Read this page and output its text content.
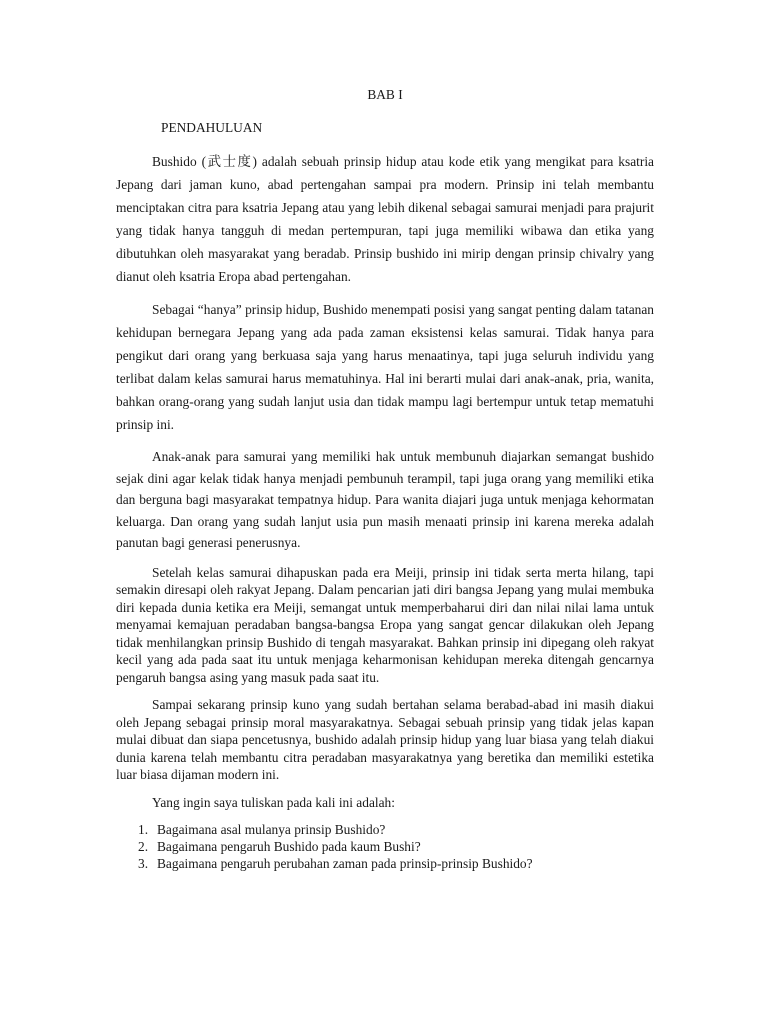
BAB I
PENDAHULUAN

Bushido (武士度) adalah sebuah prinsip hidup atau kode etik yang mengikat para ksatria Jepang dari jaman kuno, abad pertengahan sampai pra modern. Prinsip ini telah membantu menciptakan citra para ksatria Jepang atau yang lebih dikenal sebagai samurai menjadi para prajurit yang tidak hanya tangguh di medan pertempuran, tapi juga memiliki wibawa dan etika yang dibutuhkan oleh masyarakat yang beradab. Prinsip bushido ini mirip dengan prinsip chivalry yang dianut oleh ksatria Eropa abad pertengahan.

Sebagai “hanya” prinsip hidup, Bushido menempati posisi yang sangat penting dalam tatanan kehidupan bernegara Jepang yang ada pada zaman eksistensi kelas samurai. Tidak hanya para pengikut dari orang yang berkuasa saja yang harus menaatinya, tapi juga seluruh individu yang terlibat dalam kelas samurai harus mematuhinya. Hal ini berarti mulai dari anak-anak, pria, wanita, bahkan orang-orang yang sudah lanjut usia dan tidak mampu lagi bertempur untuk tetap mematuhi prinsip ini.

Anak-anak para samurai yang memiliki hak untuk membunuh diajarkan semangat bushido sejak dini agar kelak tidak hanya menjadi pembunuh terampil, tapi juga orang yang memiliki etika dan berguna bagi masyarakat tempatnya hidup. Para wanita diajari juga untuk menjaga kehormatan keluarga. Dan orang yang sudah lanjut usia pun masih menaati prinsip ini karena mereka adalah panutan bagi generasi penerusnya.

Setelah kelas samurai dihapuskan pada era Meiji, prinsip ini tidak serta merta hilang, tapi semakin diresapi oleh rakyat Jepang. Dalam pencarian jati diri bangsa Jepang yang mulai membuka diri kepada dunia ketika era Meiji, semangat untuk memperbaharui diri dan nilai nilai lama untuk menyamai kemajuan peradaban bangsa-bangsa Eropa yang sangat gencar dilakukan oleh Jepang tidak menhilangkan prinsip Bushido di tengah masyarakat. Bahkan prinsip ini dipegang oleh rakyat kecil yang ada pada saat itu untuk menjaga keharmonisan kehidupan mereka ditengah gencarnya pengaruh bangsa asing yang masuk pada saat itu.

Sampai sekarang prinsip kuno yang sudah bertahan selama berabad-abad ini masih diakui oleh Jepang sebagai prinsip moral masyarakatnya. Sebagai sebuah prinsip yang tidak jelas kapan mulai dibuat dan siapa pencetusnya, bushido adalah prinsip hidup yang luar biasa yang telah diakui dunia karena telah membantu citra peradaban masyarakatnya yang beretika dan memiliki estetika luar biasa dijaman modern ini.

Yang ingin saya tuliskan pada kali ini adalah:
1. Bagaimana asal mulanya prinsip Bushido?
2. Bagaimana pengaruh Bushido pada kaum Bushi?
3. Bagaimana pengaruh perubahan zaman pada prinsip-prinsip Bushido?
